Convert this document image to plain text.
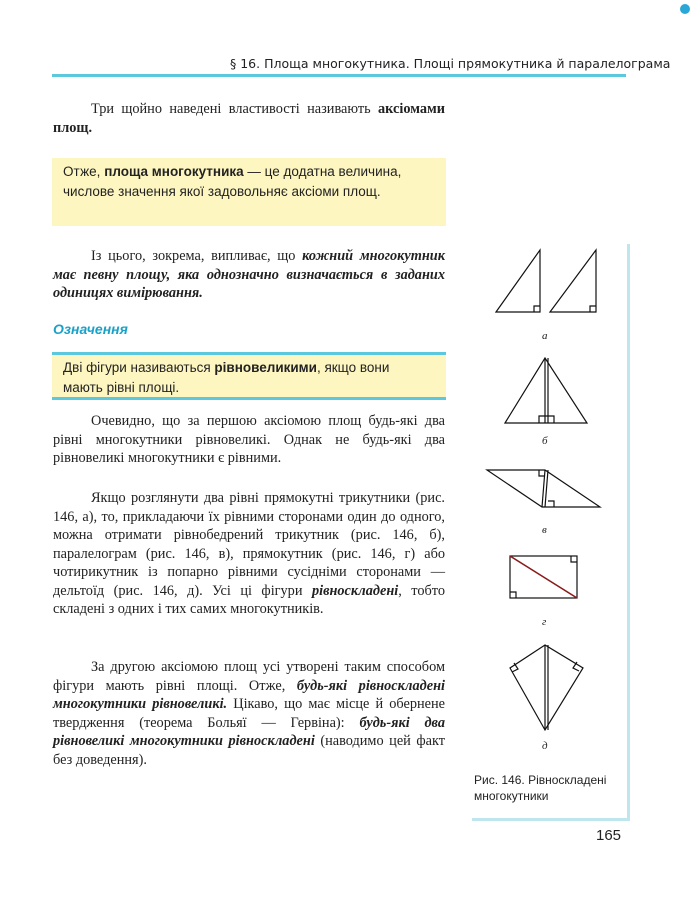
§ 16. Площа многокутника. Площі прямокутника й паралелограма

Три щойно наведені властивості називають аксіомами площ.

Отже, площа многокутника — це додатна величина, числове значення якої задовольняє аксіоми площ.

Із цього, зокрема, випливає, що кожний многокутник має певну площу, яка однозначно визначається в заданих одиницях вимірювання.

Означення
Дві фігури називаються рівновеликими, якщо вони мають рівні площі.

Очевидно, що за першою аксіомою площ будь-які два рівні многокутники рівновеликі. Однак не будь-які два рівновеликі многокутники є рівними.

Якщо розглянути два рівні прямокутні трикутники (рис. 146, а), то, прикладаючи їх рівними сторонами один до одного, можна отримати рівнобедрений трикутник (рис. 146, б), паралелограм (рис. 146, в), прямокутник (рис. 146, г) або чотирикутник із попарно рівними сусідніми сторонами — дельтоїд (рис. 146, д). Усі ці фігури рівноскладені, тобто складені з одних і тих самих многокутників.

За другою аксіомою площ усі утворені таким способом фігури мають рівні площі. Отже, будь-які рівноскладені многокутники рівновеликі. Цікаво, що має місце й обернене твердження (теорема Больяї — Гервіна): будь-які два рівновеликі многокутники рівноскладені (наводимо цей факт без доведення).

а
б
в
г
д
Рис. 146. Рівноскладені многокутники
165
